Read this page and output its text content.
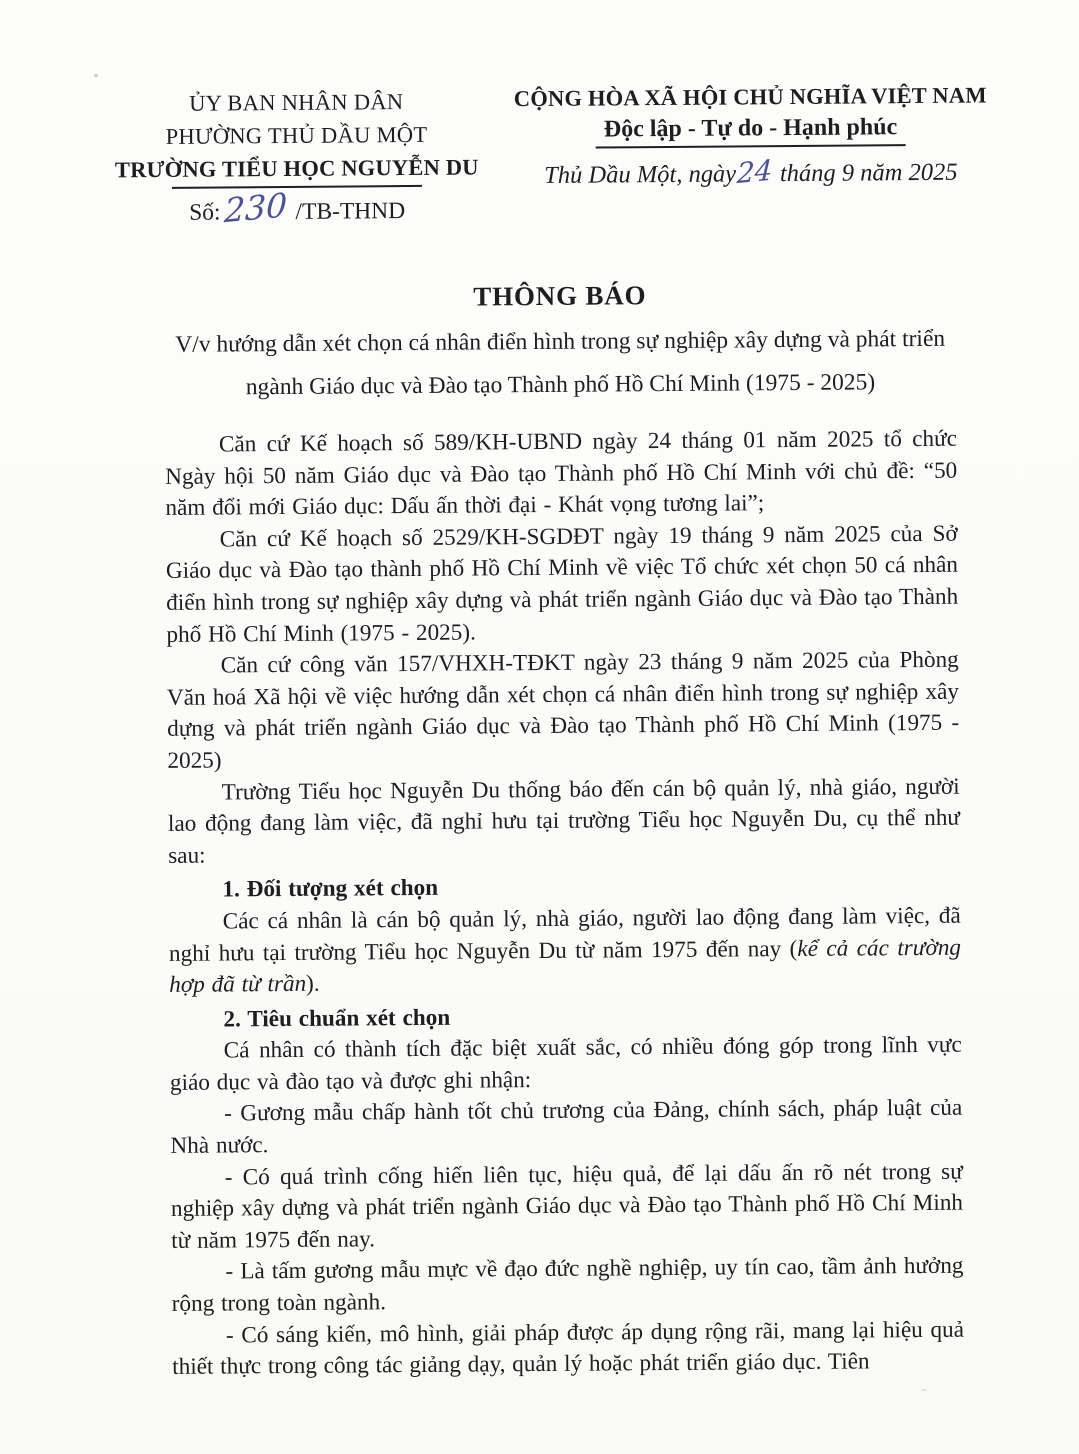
ỦY BAN NHÂN DÂN
PHƯỜNG THỦ DẦU MỘT
TRƯỜNG TIỂU HỌC NGUYỄN DU
Số:230 /TB-THND
CỘNG HÒA XÃ HỘI CHỦ NGHĨA VIỆT NAM
Độc lập - Tự do - Hạnh phúc
Thủ Dầu Một, ngày24 tháng 9 năm 2025
THÔNG BÁO
V/v hướng dẫn xét chọn cá nhân điển hình trong sự nghiệp xây dựng và phát triển
ngành Giáo dục và Đào tạo Thành phố Hồ Chí Minh (1975 - 2025)

Căn cứ Kế hoạch số 589/KH-UBND ngày 24 tháng 01 năm 2025 tổ chức Ngày hội 50 năm Giáo dục và Đào tạo Thành phố Hồ Chí Minh với chủ đề: “50 năm đổi mới Giáo dục: Dấu ấn thời đại - Khát vọng tương lai”;

Căn cứ Kế hoạch số 2529/KH-SGDĐT ngày 19 tháng 9 năm 2025 của Sở Giáo dục và Đào tạo thành phố Hồ Chí Minh về việc Tổ chức xét chọn 50 cá nhân điển hình trong sự nghiệp xây dựng và phát triển ngành Giáo dục và Đào tạo Thành phố Hồ Chí Minh (1975 - 2025).

Căn cứ công văn 157/VHXH-TĐKT ngày 23 tháng 9 năm 2025 của Phòng Văn hoá Xã hội về việc hướng dẫn xét chọn cá nhân điển hình trong sự nghiệp xây dựng và phát triển ngành Giáo dục và Đào tạo Thành phố Hồ Chí Minh (1975 - 2025)

Trường Tiểu học Nguyễn Du thống báo đến cán bộ quản lý, nhà giáo, người lao động đang làm việc, đã nghỉ hưu tại trường Tiểu học Nguyễn Du, cụ thể như sau:

1. Đối tượng xét chọn

Các cá nhân là cán bộ quản lý, nhà giáo, người lao động đang làm việc, đã nghỉ hưu tại trường Tiểu học Nguyễn Du từ năm 1975 đến nay (kể cả các trường hợp đã từ trần).

2. Tiêu chuẩn xét chọn

Cá nhân có thành tích đặc biệt xuất sắc, có nhiều đóng góp trong lĩnh vực giáo dục và đào tạo và được ghi nhận:

- Gương mẫu chấp hành tốt chủ trương của Đảng, chính sách, pháp luật của Nhà nước.

- Có quá trình cống hiến liên tục, hiệu quả, để lại dấu ấn rõ nét trong sự nghiệp xây dựng và phát triển ngành Giáo dục và Đào tạo Thành phố Hồ Chí Minh từ năm 1975 đến nay.

- Là tấm gương mẫu mực về đạo đức nghề nghiệp, uy tín cao, tầm ảnh hưởng rộng trong toàn ngành.

- Có sáng kiến, mô hình, giải pháp được áp dụng rộng rãi, mang lại hiệu quả thiết thực trong công tác giảng dạy, quản lý hoặc phát triển giáo dục. Tiên
